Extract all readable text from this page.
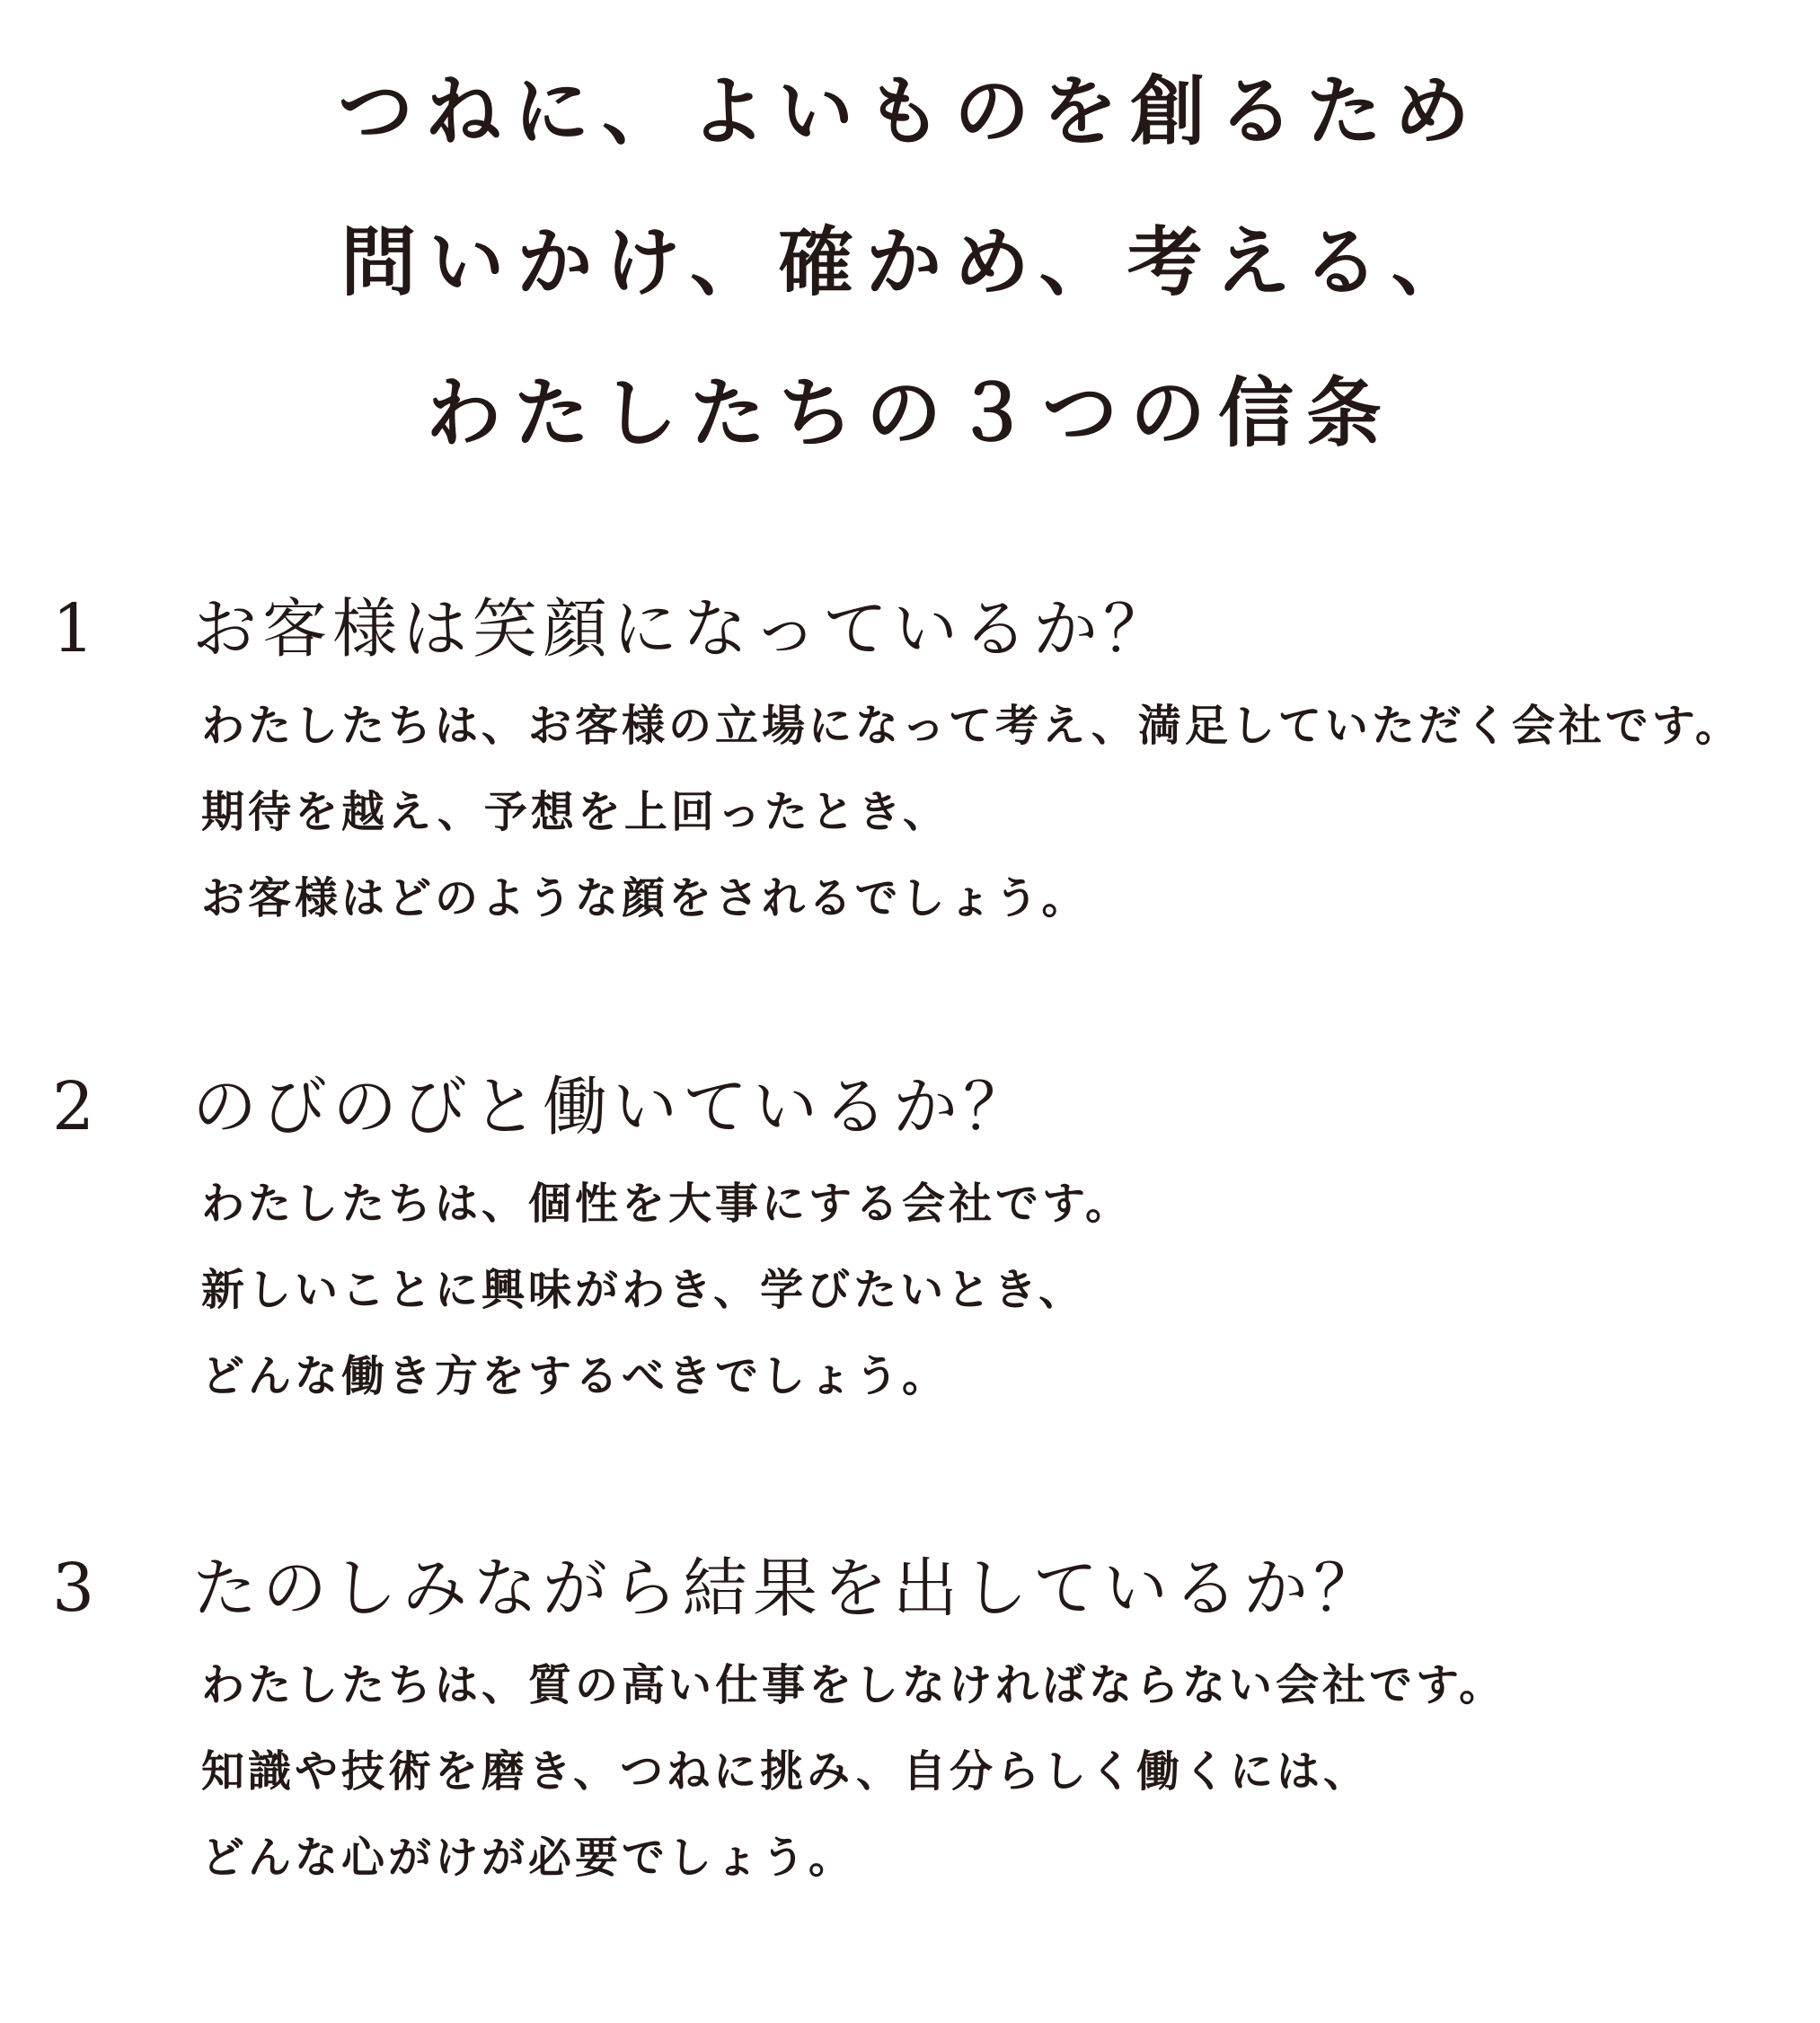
つねに、よいものを創るため
問いかけ、確かめ、考える、
わたしたちの３つの信条
1 お客様は笑顔になっているか？
わたしたちは、お客様の立場になって考え、満足していただく会社です。
期待を越え、予想を上回ったとき、
お客様はどのような顔をされるでしょう。
2 のびのびと働いているか？
わたしたちは、個性を大事にする会社です。
新しいことに興味がわき、学びたいとき、
どんな働き方をするべきでしょう。
3 たのしみながら結果を出しているか？
わたしたちは、質の高い仕事をしなければならない会社です。
知識や技術を磨き、つねに挑み、自分らしく働くには、
どんな心がけが必要でしょう。
